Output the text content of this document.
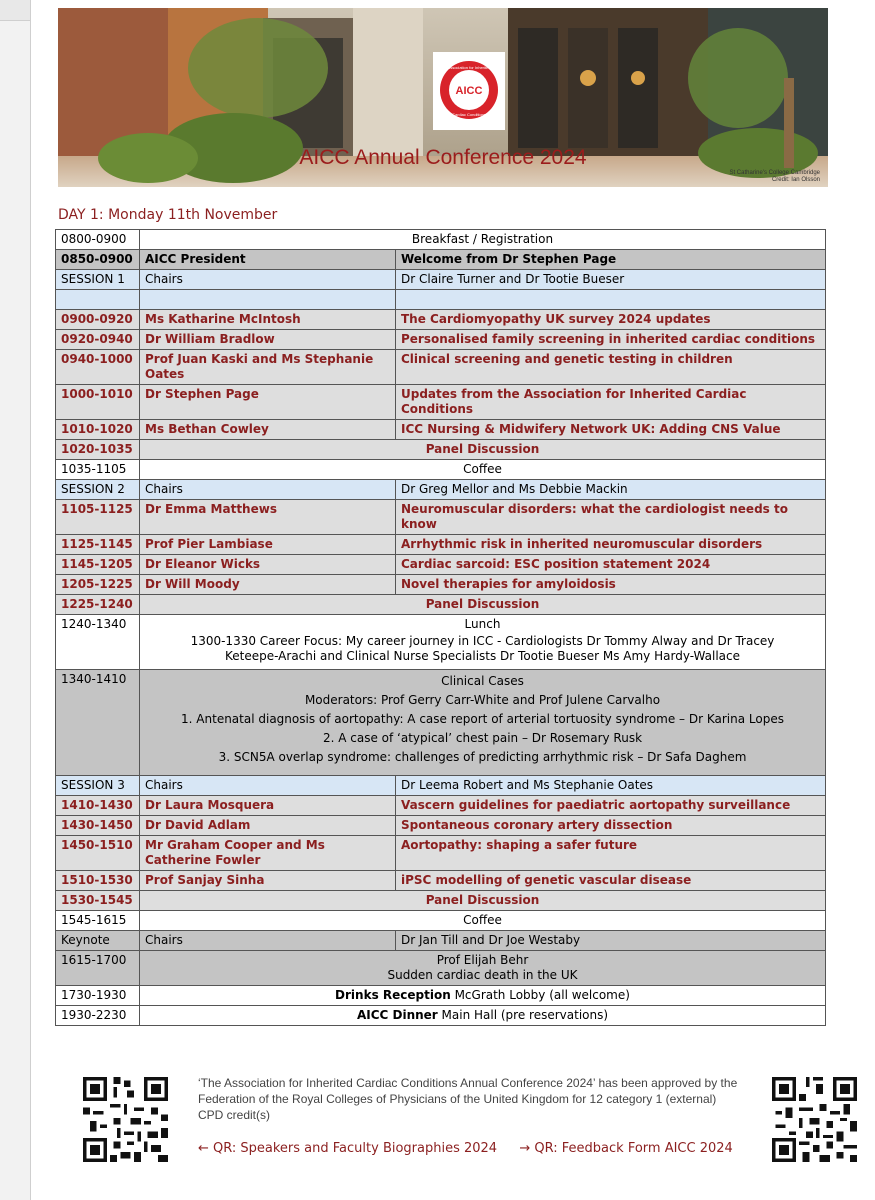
AICC
Association for Inherited
Cardiac Conditions
AICC Annual Conference 2024
St Catharine's College Cambridge
Credit: Ian Olsson
DAY 1: Monday 11th November
0800-0900	Breakfast / Registration	
0850-0900	AICC President	Welcome from Dr Stephen Page
SESSION 1	Chairs	Dr Claire Turner and Dr Tootie Bueser

0900-0920	Ms Katharine McIntosh	The Cardiomyopathy UK survey 2024 updates
0920-0940	Dr William Bradlow	Personalised family screening in inherited cardiac conditions
0940-1000	Prof Juan Kaski and Ms Stephanie Oates	Clinical screening and genetic testing in children
1000-1010	Dr Stephen Page	Updates from the Association for Inherited Cardiac Conditions
1010-1020	Ms Bethan Cowley	ICC Nursing & Midwifery Network UK: Adding CNS Value
1020-1035	Panel Discussion	
1035-1105	Coffee	
SESSION 2	Chairs	Dr Greg Mellor and Ms Debbie Mackin
1105-1125	Dr Emma Matthews	Neuromuscular disorders: what the cardiologist needs to know
1125-1145	Prof Pier Lambiase	Arrhythmic risk in inherited neuromuscular disorders
1145-1205	Dr Eleanor Wicks	Cardiac sarcoid: ESC position statement 2024
1205-1225	Dr Will Moody	Novel therapies for amyloidosis
1225-1240	Panel Discussion	
1240-1340	Lunch
1300-1330 Career Focus: My career journey in ICC - Cardiologists Dr Tommy Alway and Dr Tracey
Keteepe-Arachi and Clinical Nurse Specialists Dr Tootie Bueser Ms Amy Hardy-Wallace	

1340-1410	Clinical Cases
Moderators: Prof Gerry Carr-White and Prof Julene Carvalho
1. Antenatal diagnosis of aortopathy: A case report of arterial tortuosity syndrome – Dr Karina Lopes
2. A case of ‘atypical’ chest pain – Dr Rosemary Rusk
3. SCN5A overlap syndrome: challenges of predicting arrhythmic risk – Dr Safa Daghem	

SESSION 3	Chairs	Dr Leema Robert and Ms Stephanie Oates
1410-1430	Dr Laura Mosquera	Vascern guidelines for paediatric aortopathy surveillance
1430-1450	Dr David Adlam	Spontaneous coronary artery dissection
1450-1510	Mr Graham Cooper and Ms Catherine Fowler	Aortopathy: shaping a safer future
1510-1530	Prof Sanjay Sinha	iPSC modelling of genetic vascular disease
1530-1545	Panel Discussion	
1545-1615	Coffee	
Keynote	Chairs	Dr Jan Till and Dr Joe Westaby
1615-1700	Prof Elijah Behr
Sudden cardiac death in the UK	

1730-1930	Drinks Reception McGrath Lobby (all welcome)	
1930-2230	AICC Dinner Main Hall (pre reservations)	
‘The Association for Inherited Cardiac Conditions Annual Conference 2024’ has been approved by the Federation of the Royal Colleges of Physicians of the United Kingdom for 12 category 1 (external) CPD credit(s)
← QR: Speakers and Faculty Biographies 2024 → QR: Feedback Form AICC 2024
